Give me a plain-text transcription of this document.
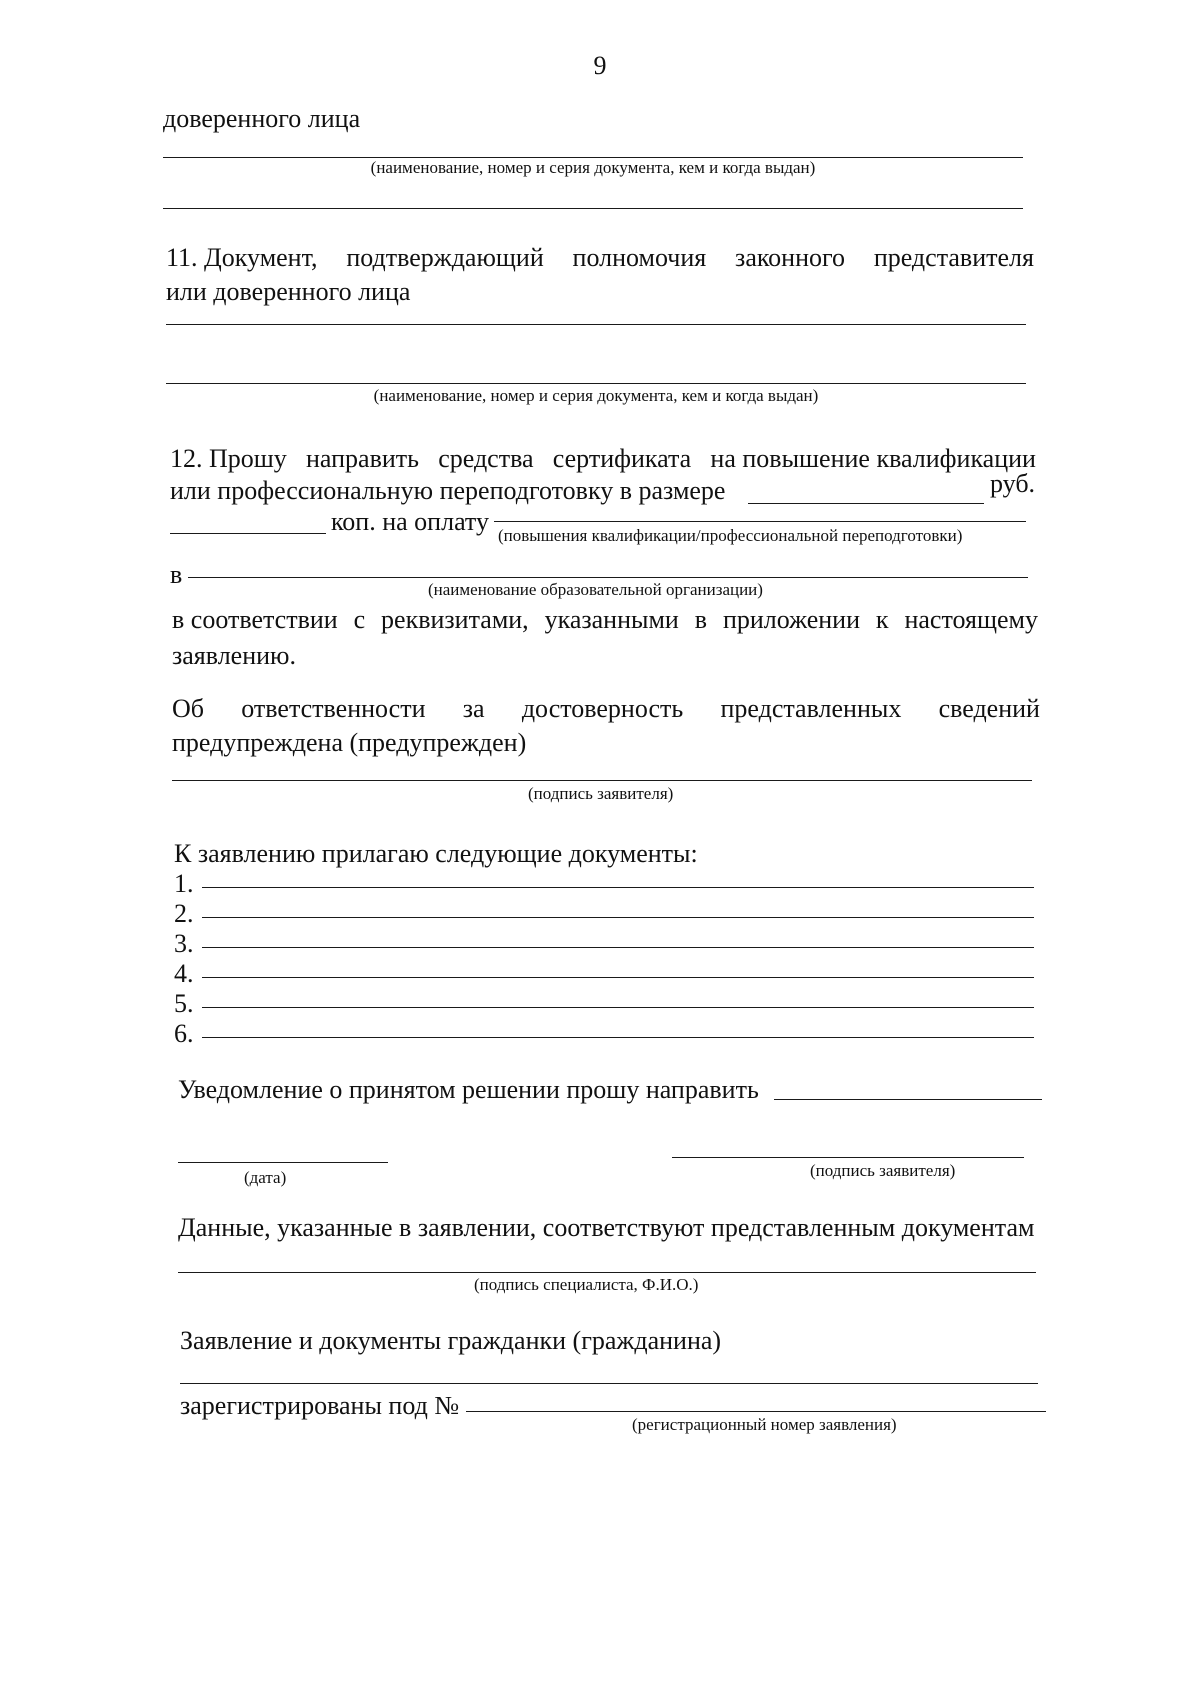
9
доверенного лица
(наименование, номер и серия документа, кем и когда выдан)
11. Документ, подтверждающий полномочия законного представителя
или доверенного лица
(наименование, номер и серия документа, кем и когда выдан)
12. Прошу направить средства сертификата на повышение квалификации
или профессиональную переподготовку в размере	руб.
коп. на оплату (повышения квалификации/профессиональной переподготовки)
в
(наименование образовательной организации)
в соответствии с реквизитами, указанными в приложении к настоящему
заявлению.
Об ответственности за достоверность представленных сведений
предупреждена (предупрежден)
(подпись заявителя)
К заявлению прилагаю следующие документы:
1.
2.
3.
4.
5.
6.
Уведомление о принятом решении прошу направить
(дата)	(подпись заявителя)
Данные, указанные в заявлении, соответствуют представленным документам
(подпись специалиста, Ф.И.О.)
Заявление и документы гражданки (гражданина)
зарегистрированы под №
(регистрационный номер заявления)
